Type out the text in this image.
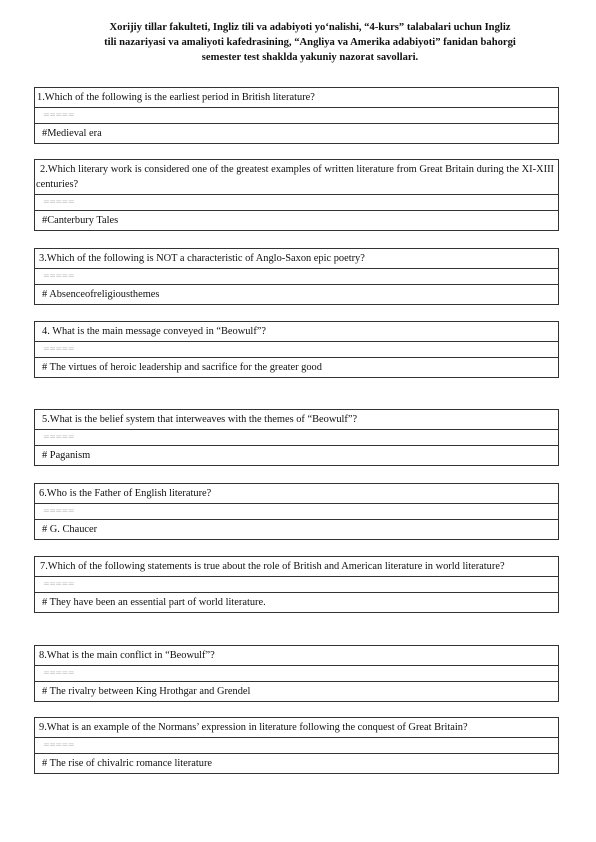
Xorijiy tillar fakulteti, Ingliz tili va adabiyoti yo‘nalishi, “4-kurs” talabalari uchun Ingliz
tili nazariyasi va amaliyoti kafedrasining, “Angliya va Amerika adabiyoti” fanidan bahorgi
semester test shaklda yakuniy nazorat savollari.
1.Which of the following is the earliest period in British literature?
=====
#Medieval era
2.Which literary work is considered one of the greatest examples of written literature from Great Britain during the XI-XIII centuries?
=====
#Canterbury Tales
3.Which of the following is NOT a characteristic of Anglo-Saxon epic poetry?
=====
# Absenceofreligiousthemes
4. What is the main message conveyed in “Beowulf”?
=====
# The virtues of heroic leadership and sacrifice for the greater good
5.What is the belief system that interweaves with the themes of “Beowulf”?
=====
# Paganism
6.Who is the Father of English literature?
=====
# G. Chaucer
7.Which of the following statements is true about the role of British and American literature in world literature?
=====
# They have been an essential part of world literature.
8.What is the main conflict in “Beowulf”?
=====
# The rivalry between King Hrothgar and Grendel
9.What is an example of the Normans’ expression in literature following the conquest of Great Britain?
=====
# The rise of chivalric romance literature
